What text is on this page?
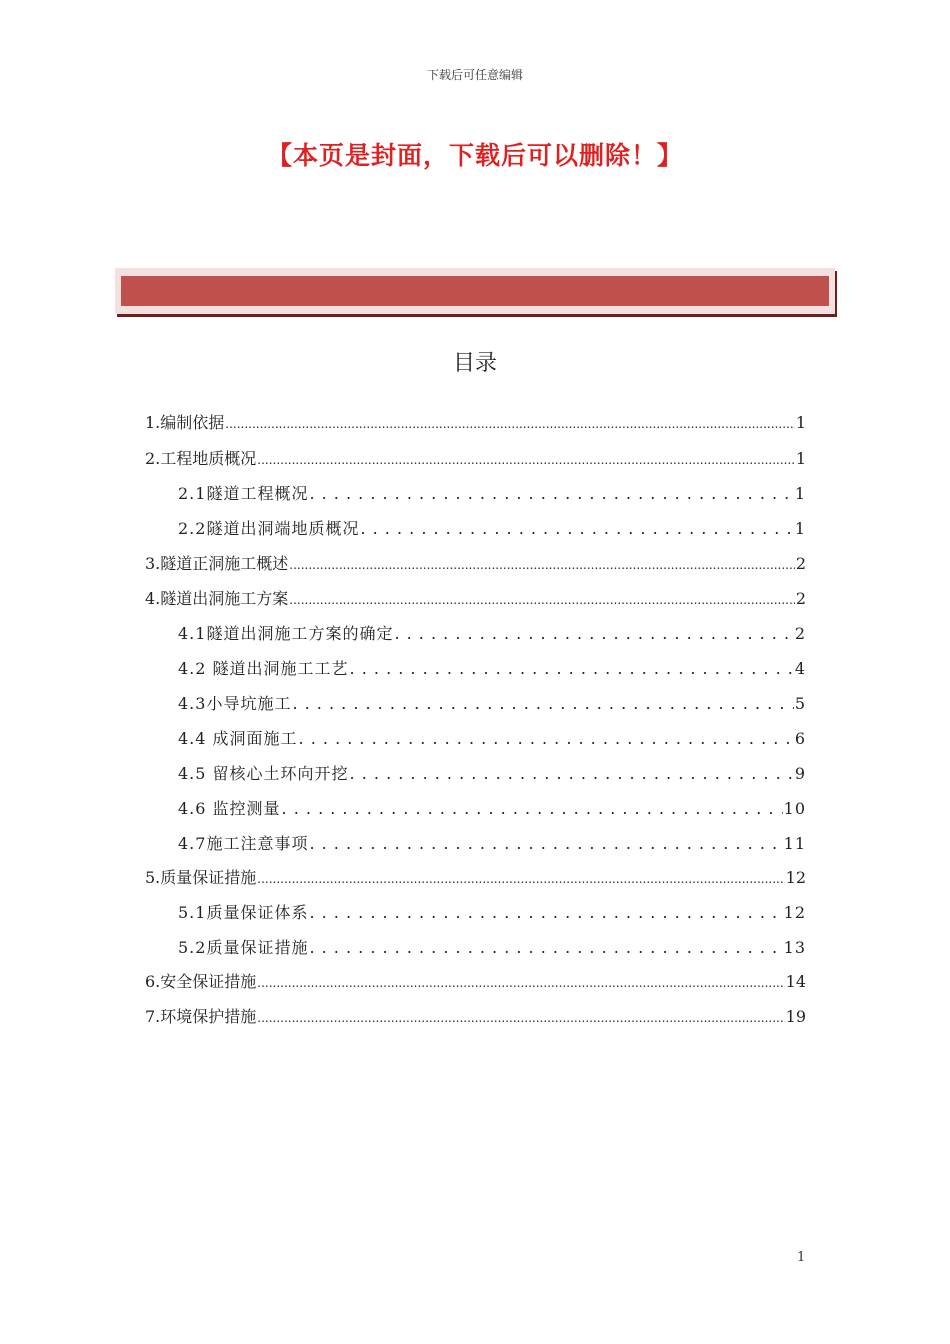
下载后可任意编辑
【本页是封面，下载后可以删除！】
目录
1.编制依据 .....	1
2.工程地质概况 .....	1
2.1隧道工程概况 . . .	1
2.2隧道出洞端地质概况 . . .	1
3.隧道正洞施工概述 .....	2
4.隧道出洞施工方案 .....	2
4.1隧道出洞施工方案的确定 . . .	2
4.2 隧道出洞施工工艺 . . .	4
4.3小导坑施工 . . .	5
4.4 成洞面施工 . . .	6
4.5 留核心土环向开挖 . . .	9
4.6 监控测量 . . .	10
4.7施工注意事项 . . .	11
5.质量保证措施 .....	12
5.1质量保证体系 . . .	12
5.2质量保证措施 . . .	13
6.安全保证措施 .....	14
7.环境保护措施 .....	19
1
